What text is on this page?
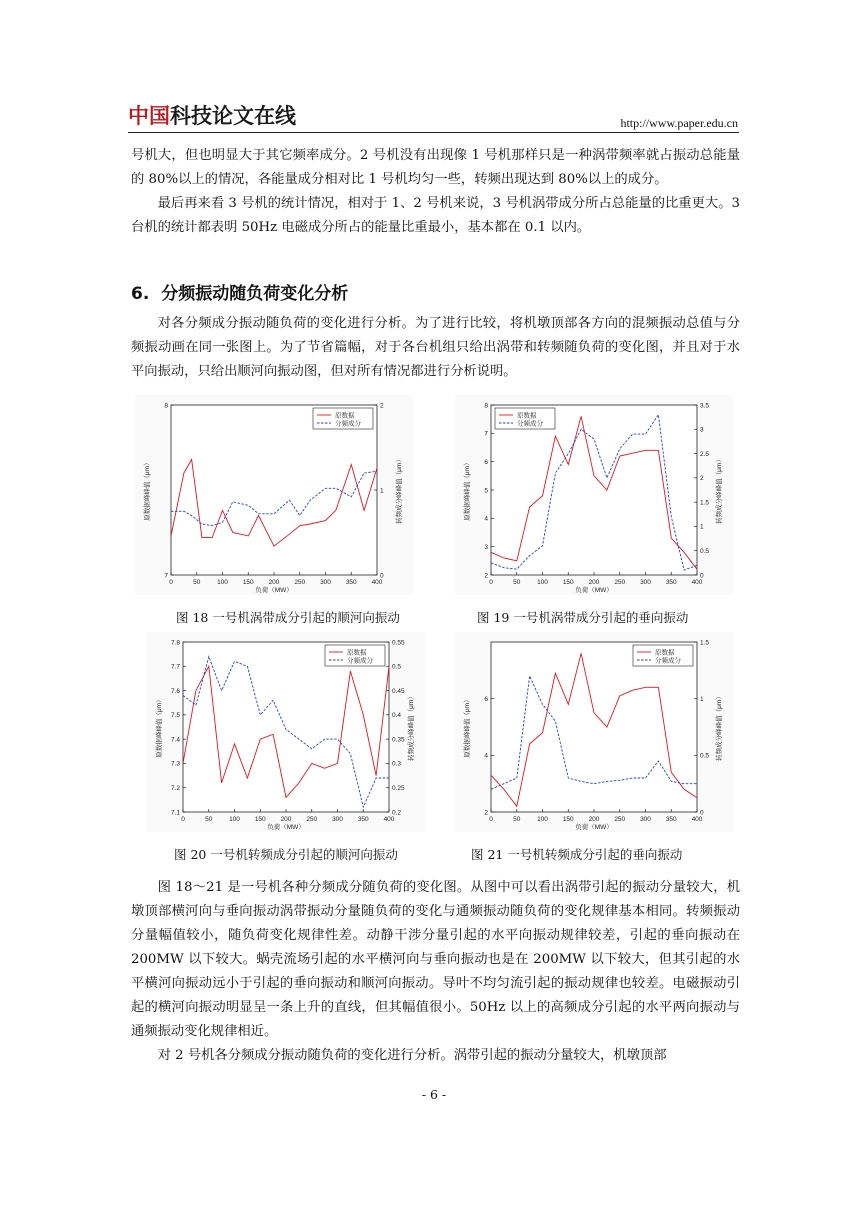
中国科技论文在线	http://www.paper.edu.cn

号机大，但也明显大于其它频率成分。2 号机没有出现像 1 号机那样只是一种涡带频率就占振动总能量的 80%以上的情况，各能量成分相对比 1 号机均匀一些，转频出现达到 80%以上的成分。

最后再来看 3 号机的统计情况，相对于 1、2 号机来说，3 号机涡带成分所占总能量的比重更大。3 台机的统计都表明 50Hz 电磁成分所占的能量比重最小，基本都在 0.1 以内。

6. 分频振动随负荷变化分析

对各分频成分振动随负荷的变化进行分析。为了进行比较，将机墩顶部各方向的混频振动总值与分频振动画在同一张图上。为了节省篇幅，对于各台机组只给出涡带和转频随负荷的变化图，并且对于水平向振动，只给出顺河向振动图，但对所有情况都进行分析说明。

0	50	100 150 200 250 300 350 400
7
8
0
1
2
负荷（MW）
原数据峰峰值（μm）	转频成分峰峰值（μm）
原数据
分频成分
0	50	100 150 200 250 300 350 400
2
3
4
5
6
7
8
0
0.5
1
1.5
2
2.5
3
3.5
负荷（MW）
原数据峰峰值（μm）	转频成分峰峰值（μm）
原数据
分频成分
图 18 一号机涡带成分引起的顺河向振动	图 19 一号机涡带成分引起的垂向振动
0	50	100 150 200 250 300 350 400
7.1
7.2
7.3
7.4
7.5
7.6
7.7
7.8
0.2
0.25
0.3
0.35
0.4
0.45
0.5
0.55
负荷（MW）
原数据峰峰值（μm）	转频成分峰峰值（μm）
原数据
分频成分
0	50	100 150 200 250 300 350 400
2
4
6
0
0.5
1
1.5
负荷（MW）
原数据峰峰值（μm）	转频成分峰峰值（μm）
原数据
分频成分
图 20 一号机转频成分引起的顺河向振动	图 21 一号机转频成分引起的垂向振动

图 18～21 是一号机各种分频成分随负荷的变化图。从图中可以看出涡带引起的振动分量较大，机墩顶部横河向与垂向振动涡带振动分量随负荷的变化与通频振动随负荷的变化规律基本相同。转频振动分量幅值较小，随负荷变化规律性差。动静干涉分量引起的水平向振动规律较差，引起的垂向振动在 200MW 以下较大。蜗壳流场引起的水平横河向与垂向振动也是在 200MW 以下较大，但其引起的水平横河向振动远小于引起的垂向振动和顺河向振动。导叶不均匀流引起的振动规律也较差。电磁振动引起的横河向振动明显呈一条上升的直线，但其幅值很小。50Hz 以上的高频成分引起的水平两向振动与通频振动变化规律相近。

对 2 号机各分频成分振动随负荷的变化进行分析。涡带引起的振动分量较大，机墩顶部

- 6 -
